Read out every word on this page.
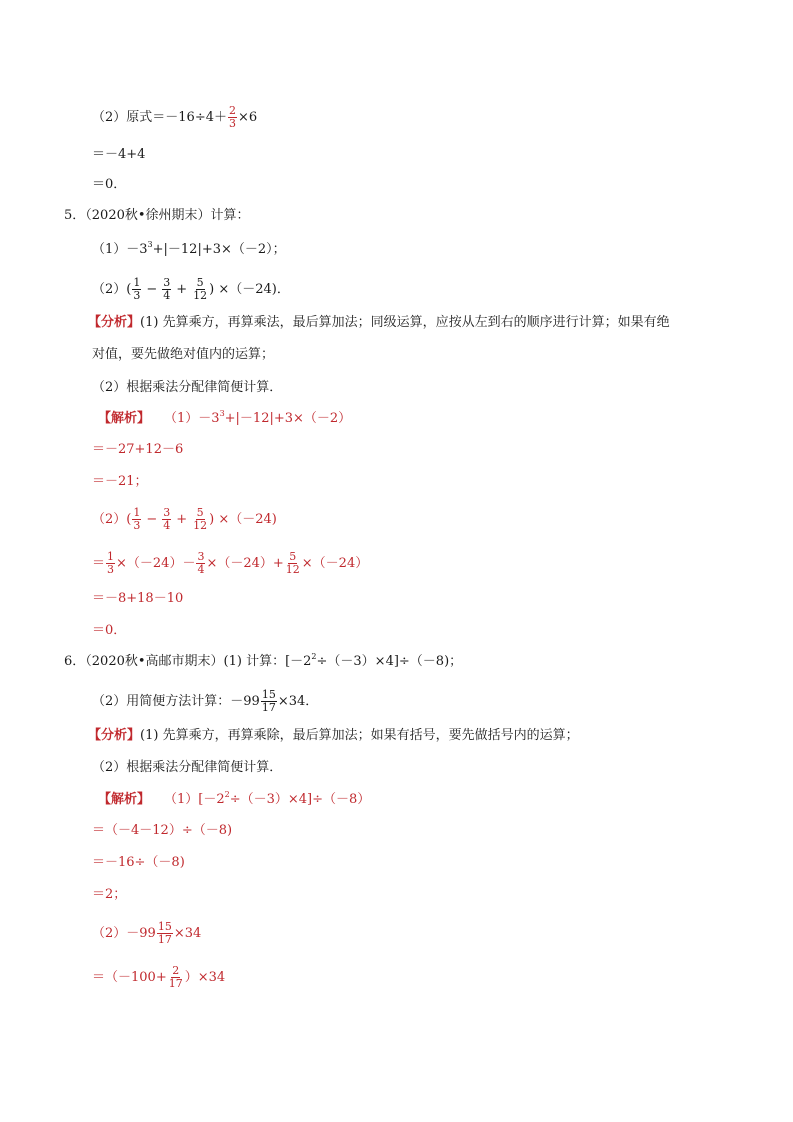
（2）原式$=-16\div 4+ \frac{2}{3} \times 6$
＝－4+4
＝0．
5．（2020秋•徐州期末）计算：
$(1)-3^3 +|-12|+3\times(-2)$；
$(2)( \frac{1}{3} - \frac{3}{4} + \frac{5}{12}$ ) ×（－24)．
【分析】 (1) 先算乘方，再算乘法，最后算加法；同级运算，应按从左到右的顺序进行计算；如果有绝
对值，要先做绝对值内的运算；
（2）根据乘法分配律简便计算．
【解析】 $(1)-3^3 +|-12|+3\times(-2)$
＝－27+12－6
＝－21；
$(2)( \frac{1}{3} - \frac{3}{4} + \frac{5}{12}$ ) ×（－24)
＝ $\frac{1}{3} \times(-24)- \frac{3}{4} \times(-24)+ \frac{5}{12} \times(-24)$
＝－8+18－10
＝0．
6．（2020秋•高邮市期末）(1) 计算：$[-2^2 \div(-3)\times 4]\div(-8)$；
（2）用简便方法计算：$-99 \frac{15}{17} \times 34$．
【分析】 (1) 先算乘方，再算乘除，最后算加法；如果有括号，要先做括号内的运算；
（2）根据乘法分配律简便计算．
【解析】 $(1)[-2^2 \div(-3)\times 4]\div(-8)$
＝（－4－12）÷（－8)
＝－16÷（－8)
＝2；
$(2)-99 \frac{15}{17} \times 34$
$=(-100+ \frac{2}{17} )\times 34$
